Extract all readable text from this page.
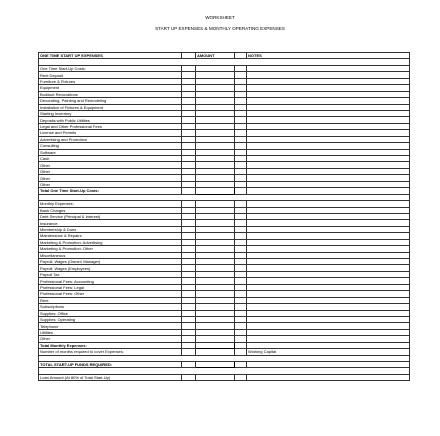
WORKSHEET
START UP EXPENSES & MONTHLY OPERATING EXPENSES
ONE TIME START UP EXPENSES		AMOUNT		NOTES

One Time Start-Up Costs:				
Rent Deposit				
Furniture & Fixtures				
Equipment				
Buildout Renovations				
Decorating, Painting and Remodeling				
Installation of Fixtures & Equipment				
Starting Inventory				
Deposits with Public Utilities				
Legal and Other Professional Fees				
License and Permits				
Advertising and Promotion				
Consulting				
Software				
Cash				
Other				
Other				
Other				
Other				
Total One Time Start-Up Costs:				

Monthly Expenses:				
Bank Charges				
Debt Service (Principal & Interest)				
Insurance				
Membership & Dues				
Maintenance & Repairs				
Marketing & Promotion: Advertising				
Marketing & Promotion: Other				
Miscellaneous				
Payroll: Wages (Owner/ Manager)				
Payroll: Wages (Employees)				
Payroll Tax				
Professional Fees: Accounting				
Professional Fees: Legal				
Professional Fees: Other				
Rent				
Subscriptions				
Supplies: Office				
Supplies: Operating				
Telephone				
Utilities				
Other				
Total Monthly Expenses:				
Number of months required to cover Expenses:				Working Capital

TOTAL START-UP FUNDS REQUIRED:				

Loan Amount (At 80% of Total Start-Up)				
